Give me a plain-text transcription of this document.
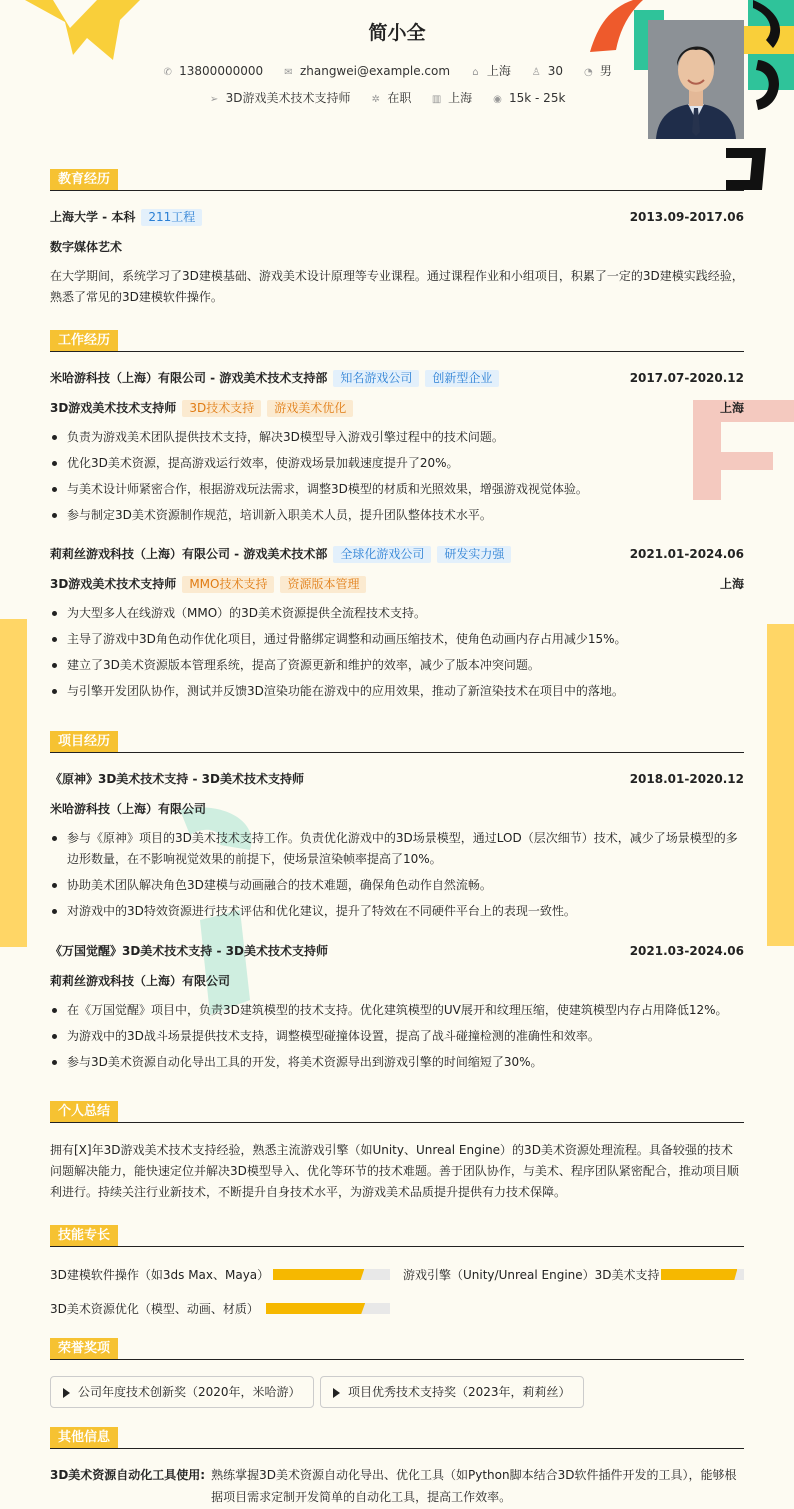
简小全
✆ 13800000000 ✉ zhangwei@example.com ⌂ 上海 ♙ 30 ◔ 男
➢ 3D游戏美术技术支持师 ✲ 在职 ▥ 上海 ◉ 15k - 25k
教育经历
上海大学 - 本科 211工程	2013.09-2017.06
数字媒体艺术
在大学期间，系统学习了3D建模基础、游戏美术设计原理等专业课程。通过课程作业和小组项目，积累了一定的3D建模实践经验，熟悉了常见的3D建模软件操作。
工作经历
米哈游科技（上海）有限公司 - 游戏美术技术支持部 知名游戏公司 创新型企业	2017.07-2020.12
3D游戏美术技术支持师 3D技术支持 游戏美术优化	上海
负责为游戏美术团队提供技术支持，解决3D模型导入游戏引擎过程中的技术问题。
优化3D美术资源，提高游戏运行效率，使游戏场景加载速度提升了20%。
与美术设计师紧密合作，根据游戏玩法需求，调整3D模型的材质和光照效果，增强游戏视觉体验。
参与制定3D美术资源制作规范，培训新入职美术人员，提升团队整体技术水平。
莉莉丝游戏科技（上海）有限公司 - 游戏美术技术部 全球化游戏公司 研发实力强	2021.01-2024.06
3D游戏美术技术支持师 MMO技术支持 资源版本管理	上海
为大型多人在线游戏（MMO）的3D美术资源提供全流程技术支持。
主导了游戏中3D角色动作优化项目，通过骨骼绑定调整和动画压缩技术，使角色动画内存占用减少15%。
建立了3D美术资源版本管理系统，提高了资源更新和维护的效率，减少了版本冲突问题。
与引擎开发团队协作，测试并反馈3D渲染功能在游戏中的应用效果，推动了新渲染技术在项目中的落地。
项目经历
《原神》3D美术技术支持 - 3D美术技术支持师	2018.01-2020.12
米哈游科技（上海）有限公司
参与《原神》项目的3D美术技术支持工作。负责优化游戏中的3D场景模型，通过LOD（层次细节）技术，减少了场景模型的多边形数量，在不影响视觉效果的前提下，使场景渲染帧率提高了10%。
协助美术团队解决角色3D建模与动画融合的技术难题，确保角色动作自然流畅。
对游戏中的3D特效资源进行技术评估和优化建议，提升了特效在不同硬件平台上的表现一致性。
《万国觉醒》3D美术技术支持 - 3D美术技术支持师	2021.03-2024.06
莉莉丝游戏科技（上海）有限公司
在《万国觉醒》项目中，负责3D建筑模型的技术支持。优化建筑模型的UV展开和纹理压缩，使建筑模型内存占用降低12%。
为游戏中的3D战斗场景提供技术支持，调整模型碰撞体设置，提高了战斗碰撞检测的准确性和效率。
参与3D美术资源自动化导出工具的开发，将美术资源导出到游戏引擎的时间缩短了30%。
个人总结
拥有[X]年3D游戏美术技术支持经验，熟悉主流游戏引擎（如Unity、Unreal Engine）的3D美术资源处理流程。具备较强的技术问题解决能力，能快速定位并解决3D模型导入、优化等环节的技术难题。善于团队协作，与美术、程序团队紧密配合，推动项目顺利进行。持续关注行业新技术，不断提升自身技术水平，为游戏美术品质提升提供有力技术保障。
技能专长
3D建模软件操作（如3ds Max、Maya）	游戏引擎（Unity/Unreal Engine）3D美术支持
3D美术资源优化（模型、动画、材质）
荣誉奖项
公司年度技术创新奖（2020年，米哈游）	项目优秀技术支持奖（2023年，莉莉丝）
其他信息
3D美术资源自动化工具使用: 熟练掌握3D美术资源自动化导出、优化工具（如Python脚本结合3D软件插件开发的工具），能够根据项目需求定制开发简单的自动化工具，提高工作效率。
